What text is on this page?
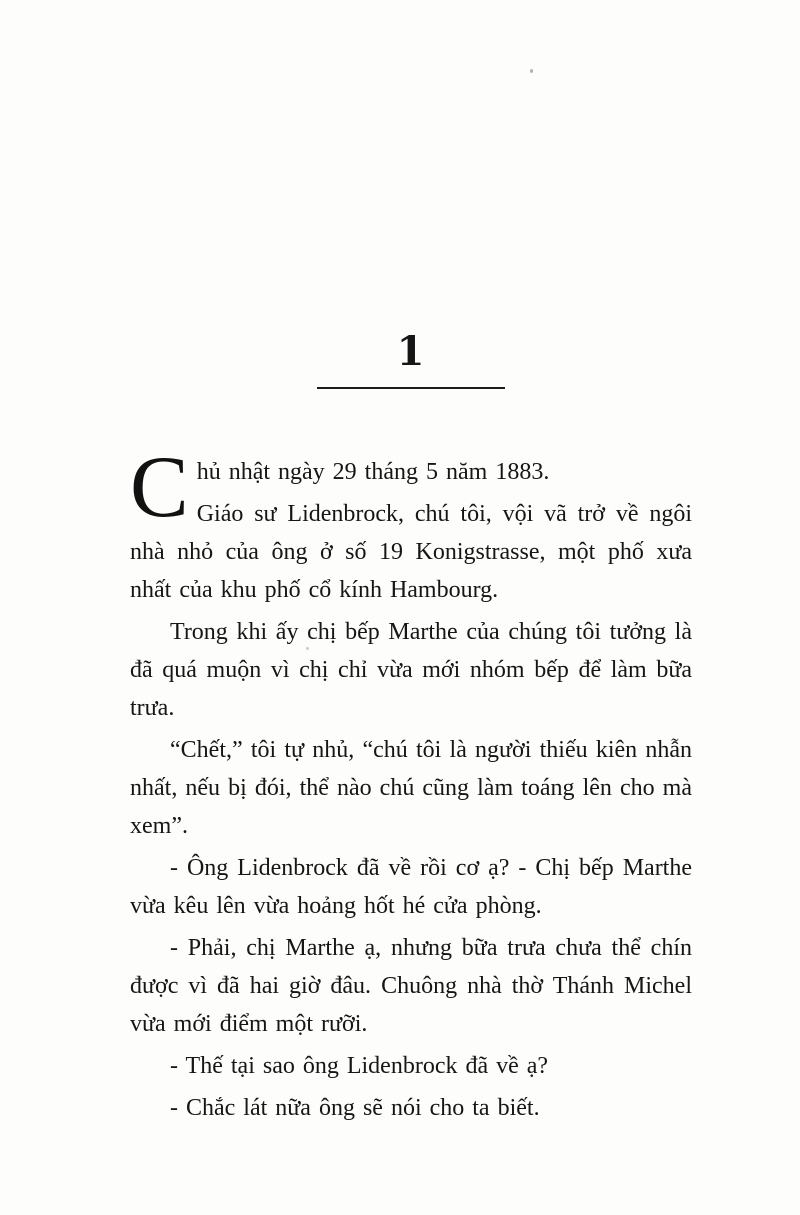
1
C hủ nhật ngày 29 tháng 5 năm 1883.

Giáo sư Lidenbrock, chú tôi, vội vã trở về ngôi nhà nhỏ của ông ở số 19 Konigstrasse, một phố xưa nhất của khu phố cổ kính Hambourg.

Trong khi ấy chị bếp Marthe của chúng tôi tưởng là đã quá muộn vì chị chỉ vừa mới nhóm bếp để làm bữa trưa.

“Chết,” tôi tự nhủ, “chú tôi là người thiếu kiên nhẫn nhất, nếu bị đói, thể nào chú cũng làm toáng lên cho mà xem”.

- Ông Lidenbrock đã về rồi cơ ạ? - Chị bếp Marthe vừa kêu lên vừa hoảng hốt hé cửa phòng.

- Phải, chị Marthe ạ, nhưng bữa trưa chưa thể chín được vì đã hai giờ đâu. Chuông nhà thờ Thánh Michel vừa mới điểm một rưỡi.

- Thế tại sao ông Lidenbrock đã về ạ?

- Chắc lát nữa ông sẽ nói cho ta biết.
